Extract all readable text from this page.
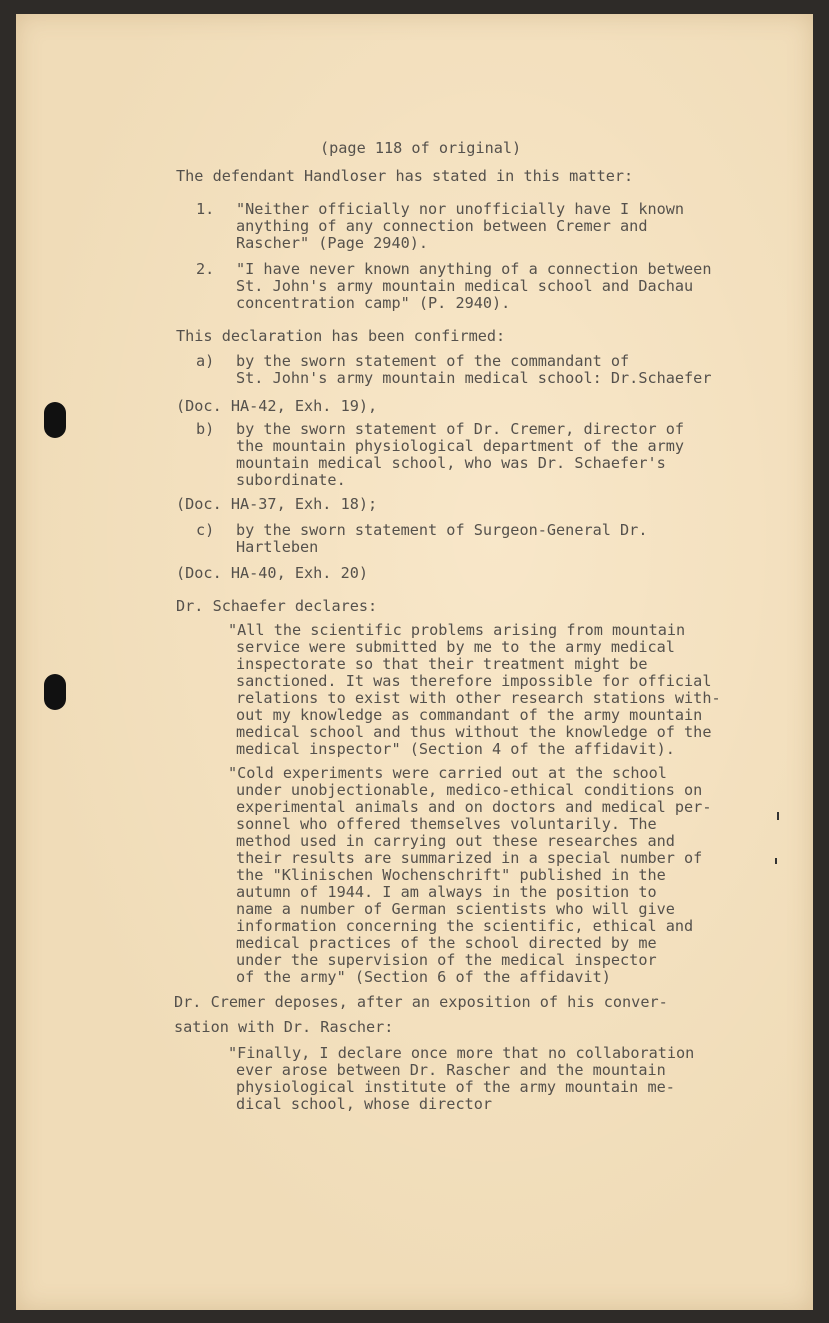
(page 118 of original)
The defendant Handloser has stated in this matter:
1. "Neither officially nor unofficially have I known
anything of any connection between Cremer and
Rascher" (Page 2940).
2. "I have never known anything of a connection between
St. John's army mountain medical school and Dachau
concentration camp" (P. 2940).
This declaration has been confirmed:
a) by the sworn statement of the commandant of
St. John's army mountain medical school: Dr.Schaefer
(Doc. HA-42, Exh. 19),
b) by the sworn statement of Dr. Cremer, director of
the mountain physiological department of the army
mountain medical school, who was Dr. Schaefer's
subordinate.
(Doc. HA-37, Exh. 18);
c) by the sworn statement of Surgeon-General Dr.
Hartleben
(Doc. HA-40, Exh. 20)
Dr. Schaefer declares:
"All the scientific problems arising from mountain
service were submitted by me to the army medical
inspectorate so that their treatment might be
sanctioned. It was therefore impossible for official
relations to exist with other research stations with-
out my knowledge as commandant of the army mountain
medical school and thus without the knowledge of the
medical inspector" (Section 4 of the affidavit).
"Cold experiments were carried out at the school
under unobjectionable, medico-ethical conditions on
experimental animals and on doctors and medical per-
sonnel who offered themselves voluntarily. The
method used in carrying out these researches and
their results are summarized in a special number of
the "Klinischen Wochenschrift" published in the
autumn of 1944. I am always in the position to
name a number of German scientists who will give
information concerning the scientific, ethical and
medical practices of the school directed by me
under the supervision of the medical inspector
of the army" (Section 6 of the affidavit)
Dr. Cremer deposes, after an exposition of his conver-
sation with Dr. Rascher:
"Finally, I declare once more that no collaboration
ever arose between Dr. Rascher and the mountain
physiological institute of the army mountain me-
dical school, whose director
